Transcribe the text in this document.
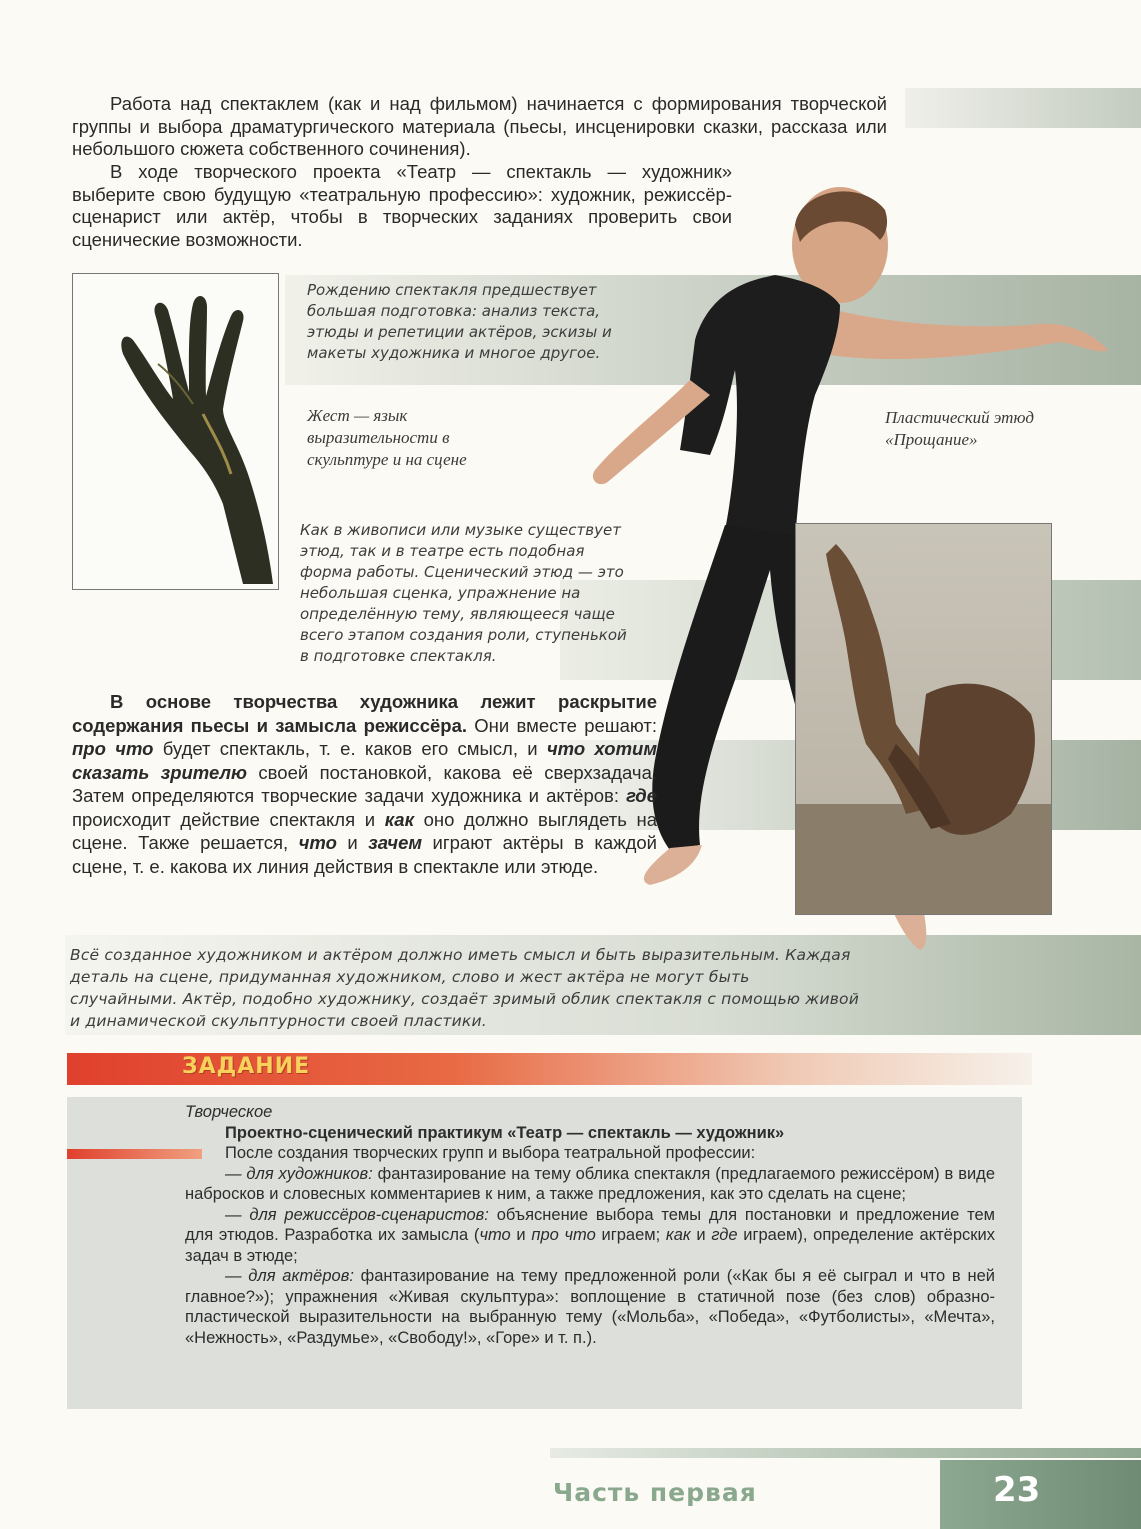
Работа над спектаклем (как и над фильмом) начинается с формирования творческой группы и выбора драматургического материала (пьесы, инсценировки сказки, рассказа или небольшого сюжета собственного сочинения).

В ходе творческого проекта «Театр — спектакль — художник» выберите свою будущую «театральную профессию»: художник, режиссёр-сценарист или актёр, чтобы в творческих заданиях проверить свои сценические возможности.

Рождению спектакля предшествует большая подготовка: анализ текста, этюды и репетиции актёров, эскизы и макеты художника и многое другое.

Жест — язык выразительности в скульптуре и на сцене

Пластический этюд «Прощание»

Как в живописи или музыке существует этюд, так и в театре есть подобная форма работы. Сценический этюд — это небольшая сценка, упражнение на определённую тему, являющееся чаще всего этапом создания роли, ступенькой в подготовке спектакля.

В основе творчества художника лежит раскрытие содержания пьесы и замысла режиссёра. Они вместе решают: про что будет спектакль, т. е. каков его смысл, и что хотим сказать зрителю своей постановкой, какова её сверхзадача. Затем определяются творческие задачи художника и актёров: где происходит действие спектакля и как оно должно выглядеть на сцене. Также решается, что и зачем играют актёры в каждой сцене, т. е. какова их линия действия в спектакле или этюде.

Всё созданное художником и актёром должно иметь смысл и быть выразительным. Каждая деталь на сцене, придуманная художником, слово и жест актёра не могут быть случайными. Актёр, подобно художнику, создаёт зримый облик спектакля с помощью живой и динамической скульптурности своей пластики.

ЗАДАНИЕ
Творческое
Проектно-сценический практикум «Театр — спектакль — художник»
После создания творческих групп и выбора театральной профессии:
— для художников: фантазирование на тему облика спектакля (предлагаемого режиссёром) в виде набросков и словесных комментариев к ним, а также предложения, как это сделать на сцене;
— для режиссёров-сценаристов: объяснение выбора темы для постановки и предложение тем для этюдов. Разработка их замысла (что и про что играем; как и где играем), определение актёрских задач в этюде;
— для актёров: фантазирование на тему предложенной роли («Как бы я её сыграл и что в ней главное?»); упражнения «Живая скульптура»: воплощение в статичной позе (без слов) образно-пластической выразительности на выбранную тему («Мольба», «Победа», «Футболисты», «Мечта», «Нежность», «Раздумье», «Свободу!», «Горе» и т. п.).
Часть первая	23
